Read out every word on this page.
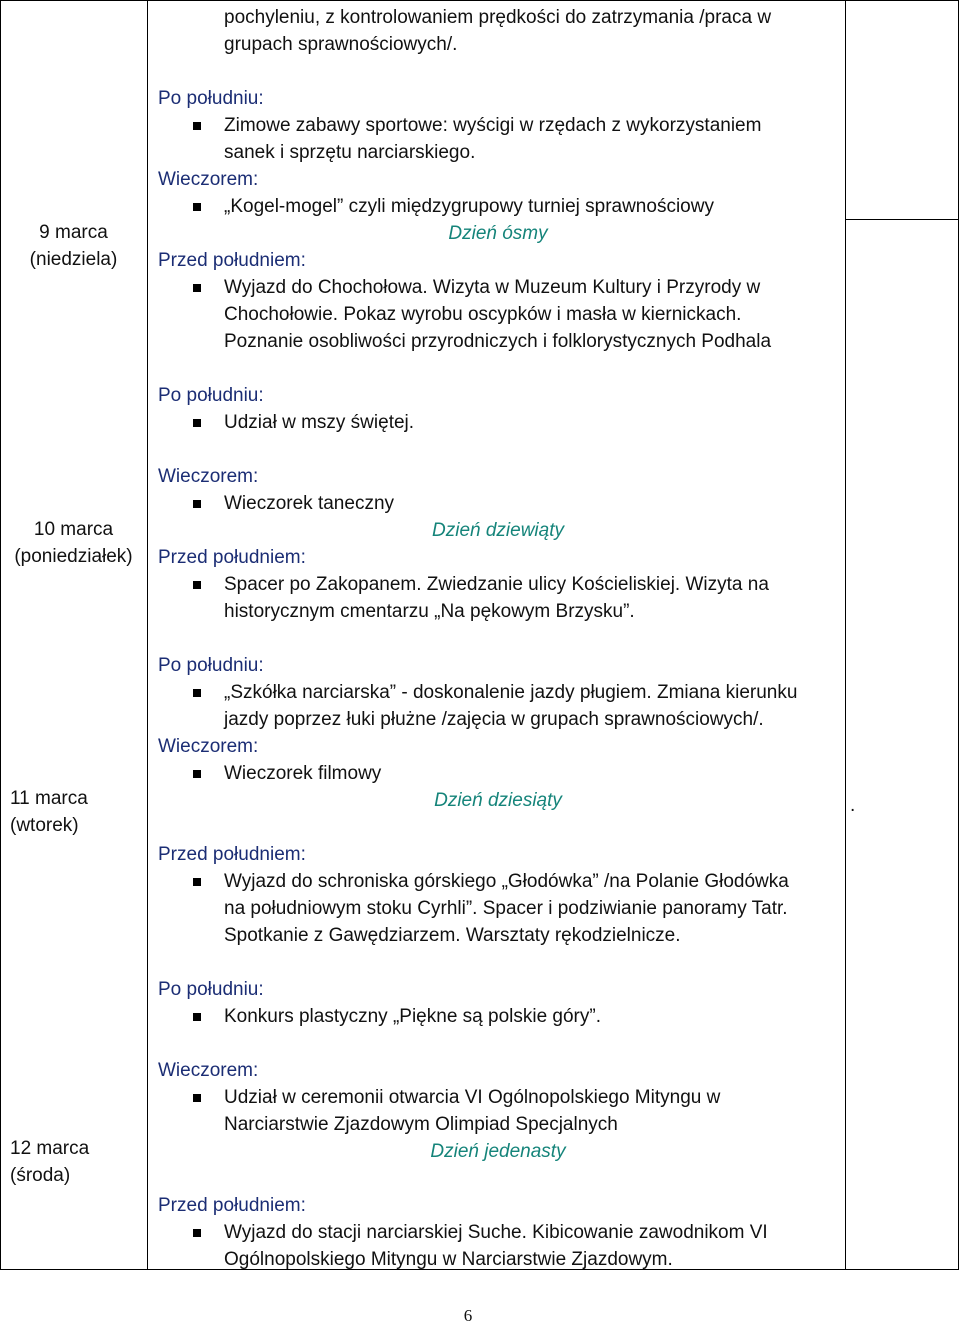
9 marca
(niedziela)
10 marca
(poniedziałek)
11 marca
(wtorek)
12 marca
(środa)
pochyleniu, z kontrolowaniem prędkości do zatrzymania /praca w
grupach sprawnościowych/.
Po południu:
Zimowe zabawy sportowe: wyścigi w rzędach z wykorzystaniem
sanek i sprzętu narciarskiego.
Wieczorem:
„Kogel-mogel” czyli międzygrupowy turniej sprawnościowy
Dzień ósmy
Przed południem:
Wyjazd do Chochołowa. Wizyta w Muzeum Kultury i Przyrody w
Chochołowie. Pokaz wyrobu oscypków i masła w kiernickach.
Poznanie osobliwości przyrodniczych i folklorystycznych Podhala
Po południu:
Udział w mszy świętej.
Wieczorem:
Wieczorek taneczny
Dzień dziewiąty
Przed południem:
Spacer po Zakopanem. Zwiedzanie ulicy Kościeliskiej. Wizyta na
historycznym cmentarzu „Na pękowym Brzysku”.
Po południu:
„Szkółka narciarska” - doskonalenie jazdy pługiem. Zmiana kierunku
jazdy poprzez łuki płużne /zajęcia w grupach sprawnościowych/.
Wieczorem:
Wieczorek filmowy
Dzień dziesiąty
Przed południem:
Wyjazd do schroniska górskiego „Głodówka” /na Polanie Głodówka
na południowym stoku Cyrhli”. Spacer i podziwianie panoramy Tatr.
Spotkanie z Gawędziarzem. Warsztaty rękodzielnicze.
Po południu:
Konkurs plastyczny „Piękne są polskie góry”.
Wieczorem:
Udział w ceremonii otwarcia VI Ogólnopolskiego Mityngu w
Narciarstwie Zjazdowym Olimpiad Specjalnych
Dzień jedenasty
Przed południem:
Wyjazd do stacji narciarskiej Suche. Kibicowanie zawodnikom VI
Ogólnopolskiego Mityngu w Narciarstwie Zjazdowym.
.
6
